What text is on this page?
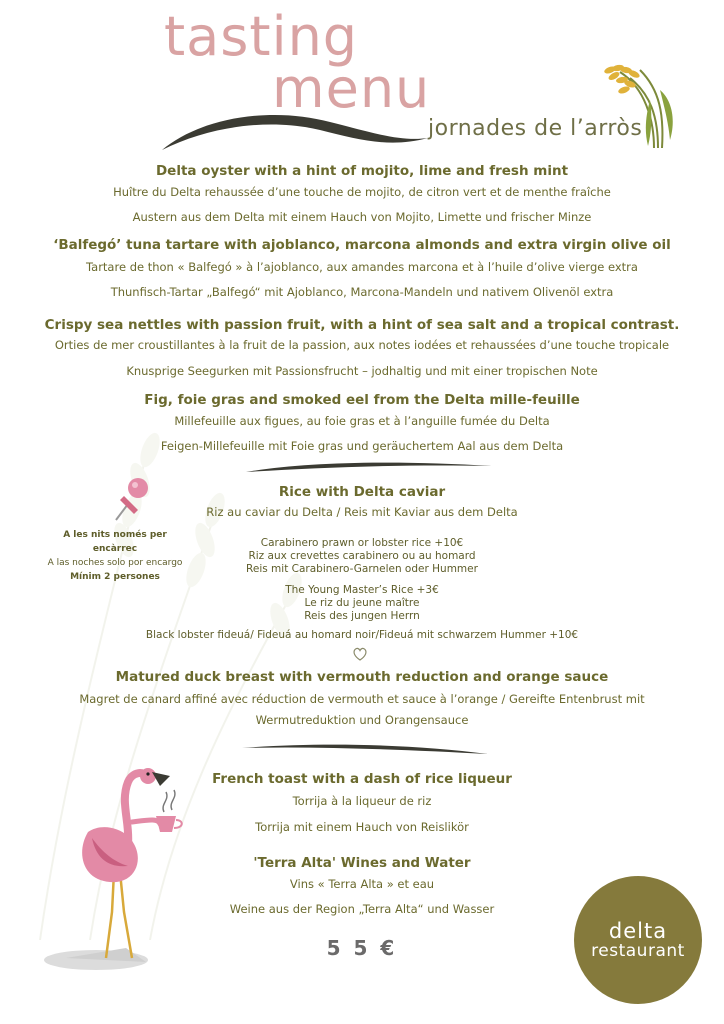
tasting
menu
jornades de l’arròs
Delta oyster with a hint of mojito, lime and fresh mint
Huître du Delta rehaussée d’une touche de mojito, de citron vert et de menthe fraîche
Austern aus dem Delta mit einem Hauch von Mojito, Limette und frischer Minze
‘Balfegó’ tuna tartare with ajoblanco, marcona almonds and extra virgin olive oil
Tartare de thon « Balfegó » à l’ajoblanco, aux amandes marcona et à l’huile d’olive vierge extra
Thunfisch-Tartar „Balfegó“ mit Ajoblanco, Marcona-Mandeln und nativem Olivenöl extra
Crispy sea nettles with passion fruit, with a hint of sea salt and a tropical contrast.
Orties de mer croustillantes à la fruit de la passion, aux notes iodées et rehaussées d’une touche tropicale
Knusprige Seegurken mit Passionsfrucht – jodhaltig und mit einer tropischen Note
Fig, foie gras and smoked eel from the Delta mille-feuille
Millefeuille aux figues, au foie gras et à l’anguille fumée du Delta
Feigen-Millefeuille mit Foie gras und geräuchertem Aal aus dem Delta
Rice with Delta caviar
Riz au caviar du Delta / Reis mit Kaviar aus dem Delta
Carabinero prawn or lobster rice +10€
Riz aux crevettes carabinero ou au homard
Reis mit Carabinero-Garnelen oder Hummer
The Young Master’s Rice +3€
Le riz du jeune maître
Reis des jungen Herrn
Black lobster fideuá/ Fideuá au homard noir/Fideuá mit schwarzem Hummer +10€
A les nits només per
encàrrec
A las noches solo por encargo
Mínim 2 persones
Matured duck breast with vermouth reduction and orange sauce
Magret de canard affiné avec réduction de vermouth et sauce à l’orange / Gereifte Entenbrust mit
Wermutreduktion und Orangensauce
French toast with a dash of rice liqueur
Torrija à la liqueur de riz
Torrija mit einem Hauch von Reislikör
'Terra Alta' Wines and Water
Vins « Terra Alta » et eau
Weine aus der Region „Terra Alta“ und Wasser
5 5 €
delta
restaurant
